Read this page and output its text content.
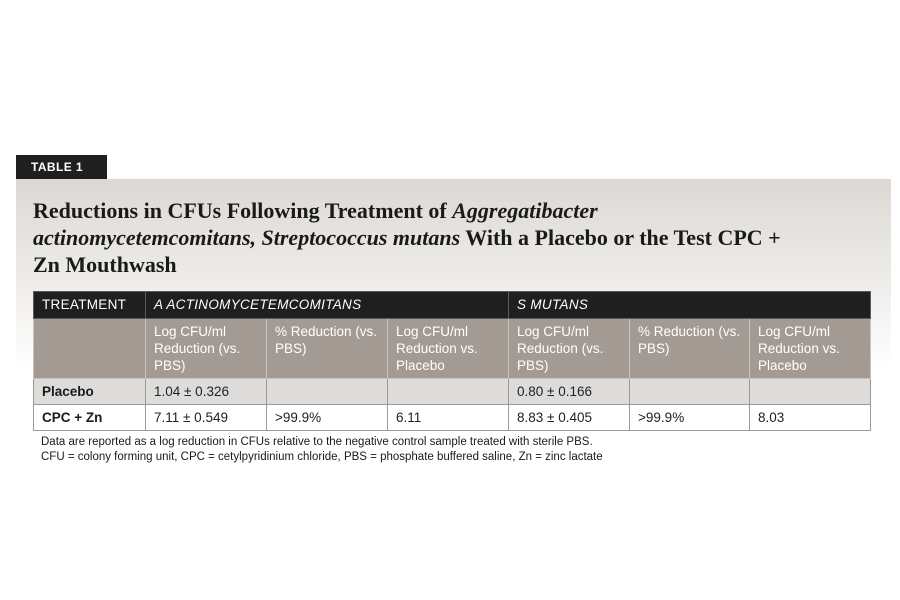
TABLE 1
Reductions in CFUs Following Treatment of Aggregatibacter actinomycetemcomitans, Streptococcus mutans With a Placebo or the Test CPC + Zn Mouthwash
TREATMENT	A ACTINOMYCETEMCOMITANS			S MUTANS		
	Log CFU/ml Reduction (vs. PBS)	% Reduction (vs. PBS)	Log CFU/ml Reduction vs. Placebo	Log CFU/ml Reduction (vs. PBS)	% Reduction (vs. PBS)	Log CFU/ml Reduction vs. Placebo
Placebo	1.04 ± 0.326			0.80 ± 0.166		
CPC + Zn	7.11 ± 0.549	>99.9%	6.11	8.83 ± 0.405	>99.9%	8.03
Data are reported as a log reduction in CFUs relative to the negative control sample treated with sterile PBS.
CFU = colony forming unit, CPC = cetylpyridinium chloride, PBS = phosphate buffered saline, Zn = zinc lactate
